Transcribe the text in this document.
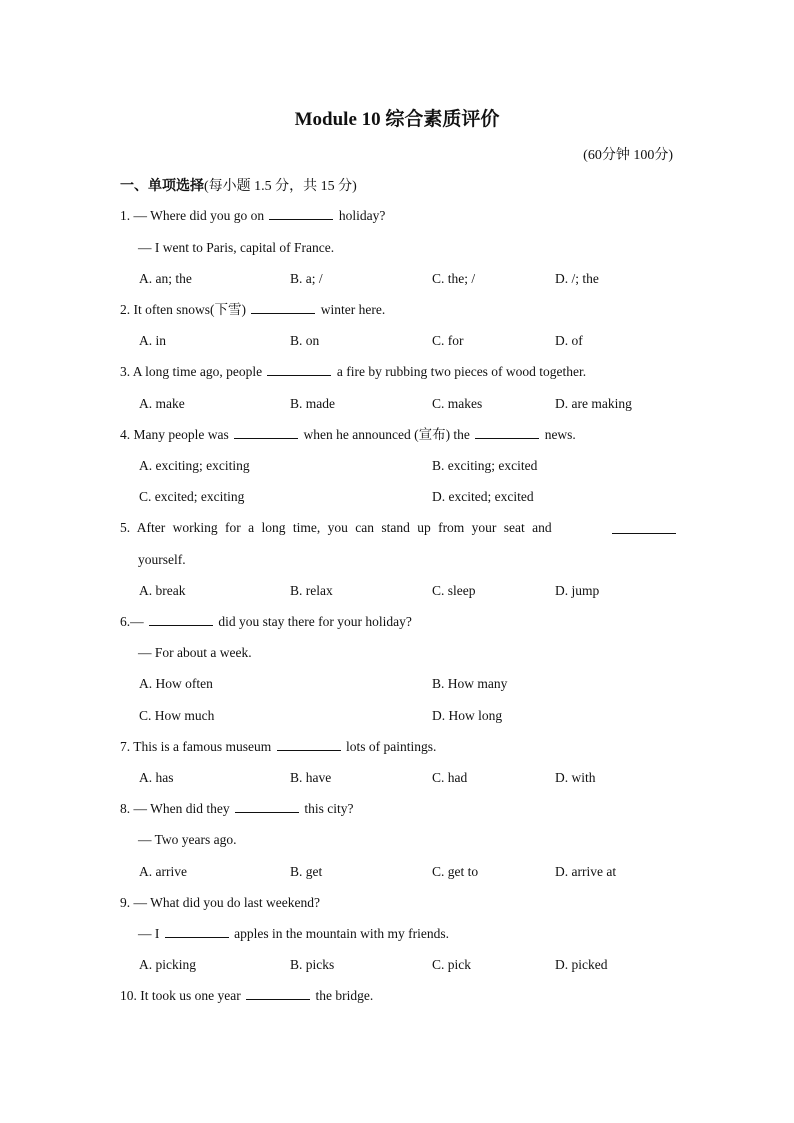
Module 10 综合素质评价
(60分钟 100分)
一、单项选择(每小题 1.5 分，共 15 分)
1. — Where did you go on	holiday?
— I went to Paris, capital of France.
A. an; the	B. a; /	C. the; /	D. /; the
2. It often snows(下雪)	winter here.
A. in	B. on	C. for	D. of
3. A long time ago, people	a fire by rubbing two pieces of wood together.
A. make	B. made	C. makes	D. are making
4. Many people was	when he announced (宣布) the	news.
A. exciting; exciting	B. exciting; excited
C. excited; exciting	D. excited; excited
5. After working for a long time, you can stand up from your seat and
yourself.
A. break	B. relax	C. sleep	D. jump
6.—	did you stay there for your holiday?
— For about a week.
A. How often	B. How many
C. How much	D. How long
7. This is a famous museum	lots of paintings.
A. has	B. have	C. had	D. with
8. — When did they	this city?
— Two years ago.
A. arrive	B. get	C. get to	D. arrive at
9. — What did you do last weekend?
— I	apples in the mountain with my friends.
A. picking	B. picks	C. pick	D. picked
10. It took us one year	the bridge.
